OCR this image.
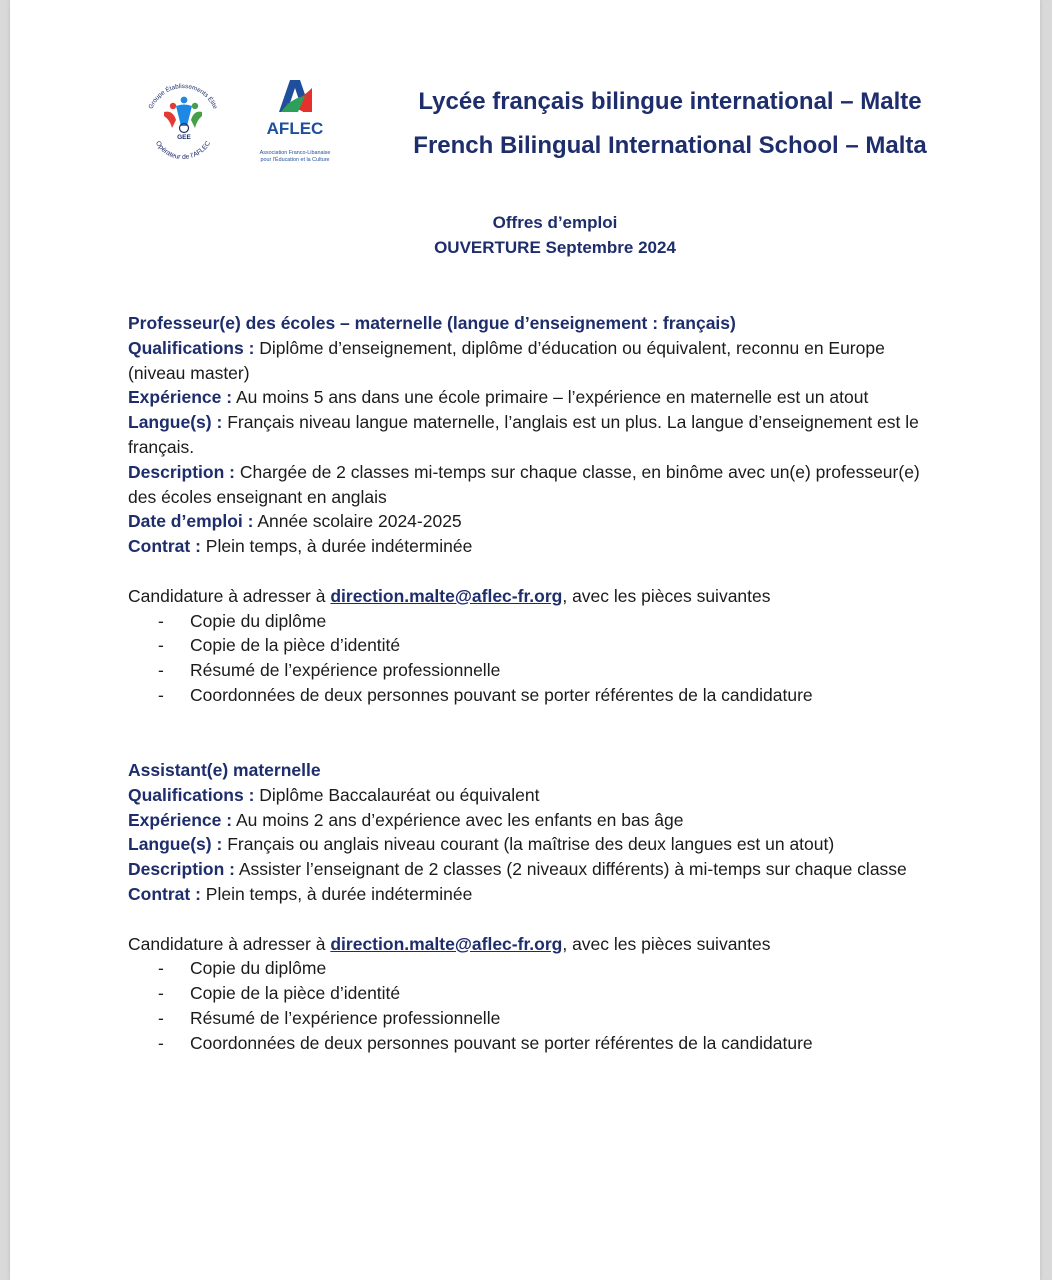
Groupe Établissements Élite
Opérateur de l'AFLEC
GEE	AFLEC
Association Franco-Libanaise
pour l'Éducation et la Culture
Lycée français bilingue international – Malte
French Bilingual International School – Malta
Offres d’emploi
OUVERTURE Septembre 2024
Professeur(e) des écoles – maternelle (langue d’enseignement : français)
Qualifications : Diplôme d’enseignement, diplôme d’éducation ou équivalent, reconnu en Europe (niveau master)
Expérience : Au moins 5 ans dans une école primaire – l’expérience en maternelle est un atout
Langue(s) : Français niveau langue maternelle, l’anglais est un plus. La langue d’enseignement est le français.
Description : Chargée de 2 classes mi-temps sur chaque classe, en binôme avec un(e) professeur(e) des écoles enseignant en anglais
Date d’emploi : Année scolaire 2024-2025
Contrat : Plein temps, à durée indéterminée
Candidature à adresser à direction.malte@aflec-fr.org, avec les pièces suivantes
- Copie du diplôme
- Copie de la pièce d’identité
- Résumé de l’expérience professionnelle
- Coordonnées de deux personnes pouvant se porter référentes de la candidature
Assistant(e) maternelle
Qualifications : Diplôme Baccalauréat ou équivalent
Expérience : Au moins 2 ans d’expérience avec les enfants en bas âge
Langue(s) : Français ou anglais niveau courant (la maîtrise des deux langues est un atout)
Description : Assister l’enseignant de 2 classes (2 niveaux différents) à mi-temps sur chaque classe
Contrat : Plein temps, à durée indéterminée
Candidature à adresser à direction.malte@aflec-fr.org, avec les pièces suivantes
- Copie du diplôme
- Copie de la pièce d’identité
- Résumé de l’expérience professionnelle
- Coordonnées de deux personnes pouvant se porter référentes de la candidature
